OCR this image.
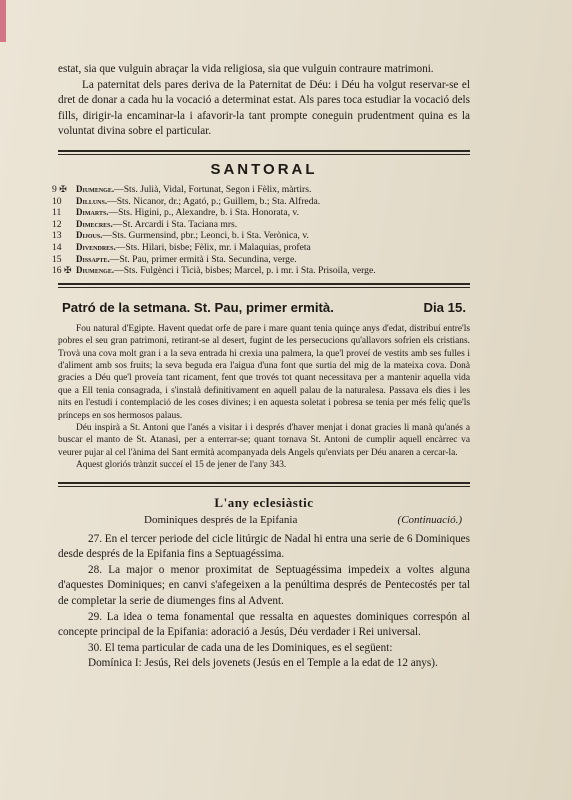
estat, sia que vulguin abraçar la vida religiosa, sia que vulguin contraure matrimoni.

La paternitat dels pares deriva de la Paternitat de Déu: i Déu ha volgut reservar-se el dret de donar a cada hu la vocació a determinat estat. Als pares toca estudiar la vocació dels fills, dirigir-la encaminar-la i afavorir-la tant prompte coneguin prudentment quina es la voluntat divina sobre el particular.

SANTORAL
9 ✠	Diumenge. —Sts. Julià, Vidal, Fortunat, Segon i Fèlix, màrtirs.
10	Dilluns. —Sts. Nicanor, dr.; Agató, p.; Guillem, b.; Sta. Alfreda.
11	Dimarts. —Sts. Higini, p., Alexandre, b. i Sta. Honorata, v.
12	Dimecres. —St. Arcardi i Sta. Taciana mrs.
13	Dijous. —Sts. Gurmensind, pbr.; Leonci, b. i Sta. Verònica, v.
14	Divendres. —Sts. Hilari, bisbe; Fèlix, mr. i Malaquias, profeta
15	Dissapte. —St. Pau, primer ermità i Sta. Secundina, verge.
16 ✠ Diumenge. —Sts. Fulgènci i Ticià, bisbes; Marcel, p. i mr. i Sta. Prisoila, verge.
Patró de la setmana. St. Pau, primer ermità.	Dia 15.

Fou natural d'Egipte. Havent quedat orfe de pare i mare quant tenia quinçe anys d'edat, distribuí entre'ls pobres el seu gran patrimoni, retirant-se al desert, fugint de les persecucions qu'allavors sofrien els cristians. Trovà una cova molt gran i a la seva entrada hi crexia una palmera, la que'l proveí de vestits amb ses fulles i d'aliment amb sos fruits; la seva beguda era l'aigua d'una font que surtia del mig de la mateixa cova. Donà gracies a Déu que'l proveía tant ricament, fent que trovés tot quant necessitava per a mantenir aquella vida que a Ell tenia consagrada, i s'instalà definitivament en aquell palau de la naturalesa. Passava els dies i les nits en l'estudi i contemplació de les coses divines; i en aquesta soletat i pobresa se tenia per més feliç que'ls prínceps en sos hermosos palaus.

Déu inspirà a St. Antoni que l'anés a visitar i i després d'haver menjat i donat gracies li manà qu'anés a buscar el manto de St. Atanasi, per a enterrar-se; quant tornava St. Antoni de cumplir aquell encàrrec va veurer pujar al cel l'ànima del Sant ermità acompanyada dels Angels qu'enviats per Déu anaren a cercar-la.

Aquest gloriós trànzit succeí el 15 de jener de l'any 343.

L'any eclesiàstic
Dominiques després de la Epifania	(Continuació.)

27. En el tercer periode del cicle litúrgic de Nadal hi entra una serie de 6 Dominiques desde després de la Epifania fins a Septuagéssima.

28. La major o menor proximitat de Septuagéssima impedeix a voltes alguna d'aquestes Dominiques; en canvi s'afegeixen a la penúltima després de Pentecostés per tal de completar la serie de diumenges fins al Advent.

29. La idea o tema fonamental que ressalta en aquestes dominiques correspón al concepte principal de la Epifania: adoració a Jesús, Déu verdader i Rei universal.

30. El tema particular de cada una de les Dominiques, es el següent:

Domínica I: Jesús, Rei dels jovenets (Jesús en el Temple a la edat de 12 anys).
